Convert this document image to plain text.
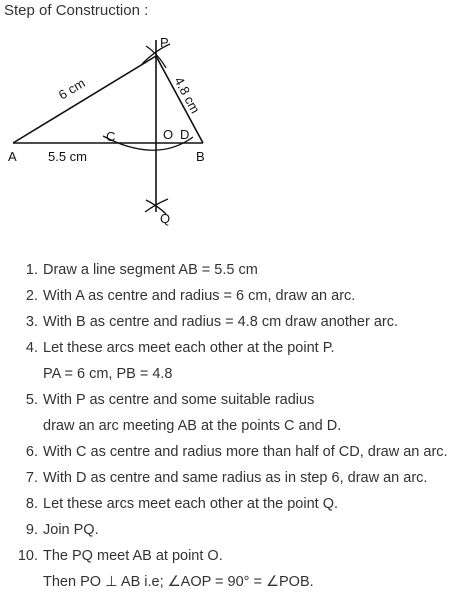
Step of Construction :
P
Q
A	B
C	D
O
6 cm	4.8 cm
5.5 cm
1. Draw a line segment AB = 5.5 cm
2. With A as centre and radius = 6 cm, draw an arc.
3. With B as centre and radius = 4.8 cm draw another arc.
4. Let these arcs meet each other at the point P.
PA = 6 cm, PB = 4.8
5. With P as centre and some suitable radius
draw an arc meeting AB at the points C and D.
6. With C as centre and radius more than half of CD, draw an arc.
7. With D as centre and same radius as in step 6, draw an arc.
8. Let these arcs meet each other at the point Q.
9. Join PQ.
10. The PQ meet AB at point O.
Then PO ⊥ AB i.e; ∠AOP = 90° = ∠POB.
